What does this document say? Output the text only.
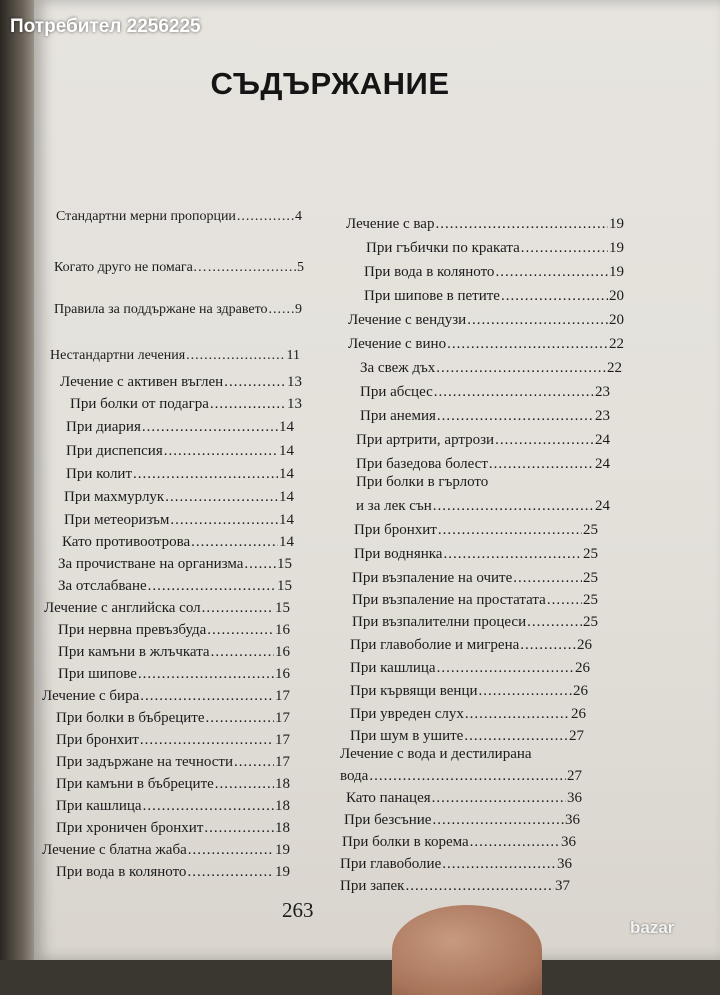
Потребител 2256225
СЪДЪРЖАНИЕ
Стандартни мерни пропорции .....	4
Когато друго не помага… .....	5
Правила за поддържане на здравето ..... 9
Нестандартни лечения .....	11
Лечение с активен въглен .....	13
При болки от подагра .....	13
При диария .....	14
При диспепсия .....	14
При колит .....	14
При махмурлук .....	14
При метеоризъм .....	14
Като противоотрова .....	14
За прочистване на организма ..... 15
За отслабване .....	15
Лечение с английска сол .....	15
При нервна превъзбуда .....	16
При камъни в жлъчката .....	16
При шипове .....	16
Лечение с бира .....	17
При болки в бъбреците .....	17
При бронхит .....	17
При задържане на течности .....	17
При камъни в бъбреците .....	18
При кашлица .....	18
При хроничен бронхит .....	18
Лечение с блатна жаба .....	19
При вода в коляното .....	19
Лечение с вар .....	19
При гъбички по краката .....	19
При вода в коляното .....	19
При шипове в петите .....	20
Лечение с вендузи .....	20
Лечение с вино .....	22
За свеж дъх .....	22
При абсцес .....	23
При анемия .....	23
При артрити, артрози .....	24
При базедова болест .....	24
При болки в гърлото
и за лек сън .....	24
При бронхит .....	25
При воднянка .....	25
При възпаление на очите .....	25
При възпаление на простатата ..... 25
При възпалителни процеси .....	25
При главоболие и мигрена .....	26
При кашлица .....	26
При кървящи венци .....	26
При увреден слух .....	26
При шум в ушите .....	27
Лечение с вода и дестилирана
вода .....	27
Като панацея .....	36
При безсъние .....	36
При болки в корема .....	36
При главоболие .....	36
При запек .....	37
263
bazar
